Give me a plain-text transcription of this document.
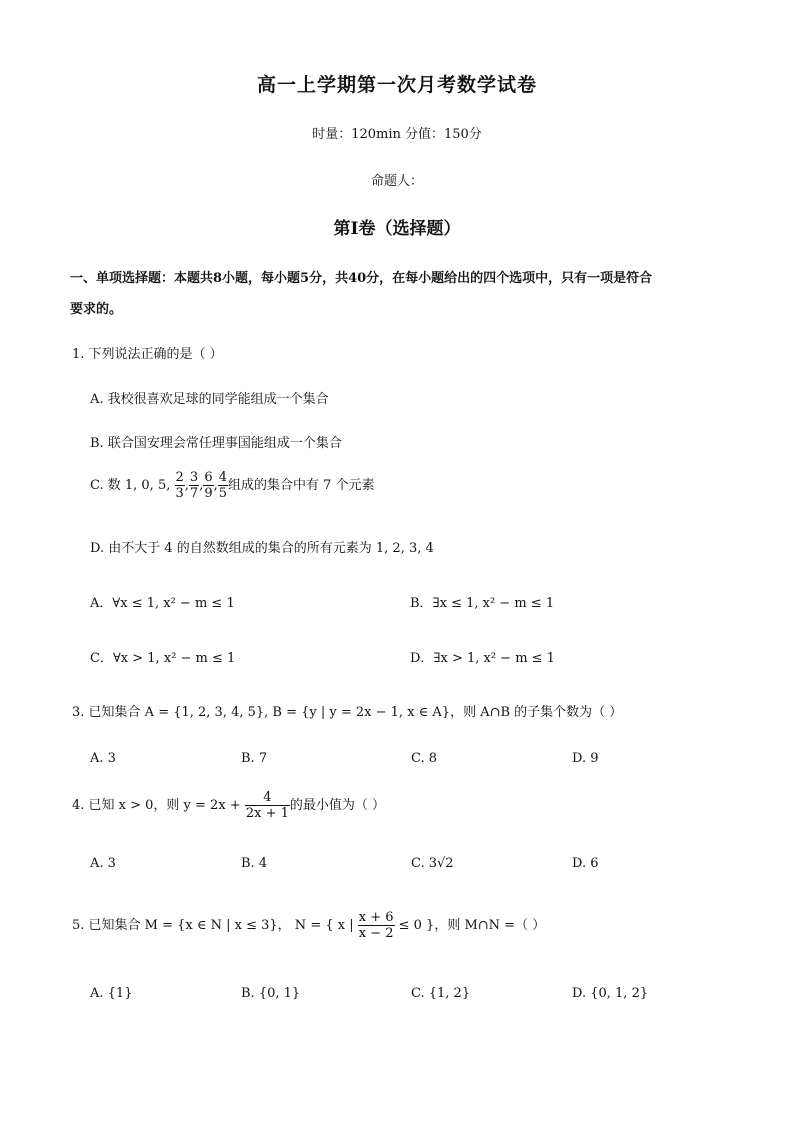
高一上学期第一次月考数学试卷
时量：120min 分值：150分
命题人：
第I卷（选择题）
一、单项选择题：本题共8小题，每小题5分，共40分，在每小题给出的四个选项中，只有一项是符合
要求的。
1. 下列说法正确的是（ ）
A. 我校很喜欢足球的同学能组成一个集合
B. 联合国安理会常任理事国能组成一个集合
C. 数 1, 0, 5, $\frac{2}{3}$ , $\frac{3}{7}$ , $\frac{6}{9}$ , $\frac{4}{5}$ 组成的集合中有 7 个元素
D. 由不大于 4 的自然数组成的集合的所有元素为 1, 2, 3, 4
A．∀x ≤ 1, x² − m ≤ 1	B．∃x ≤ 1, x² − m ≤ 1
C．∀x > 1, x² − m ≤ 1	D．∃x > 1, x² − m ≤ 1
3. 已知集合 A = {1, 2, 3, 4, 5}, B = {y | y = 2x − 1, x ∈ A}，则 A∩B 的子集个数为（ ）
A. 3	B. 7	C. 8	D. 9
4. 已知 x > 0，则 $y = 2x + \frac{4}{2x + 1}$ 的最小值为（ ）
A. 3	B. 4	C. 3√2	D. 6
5. 已知集合 M = {x ∈ N | x ≤ 3}， N = { x | $\frac{x + 6}{x - 2} \le 0$ }，则 M∩N =（ ）
A. {1}	B. {0, 1}	C. {1, 2}	D. {0, 1, 2}
